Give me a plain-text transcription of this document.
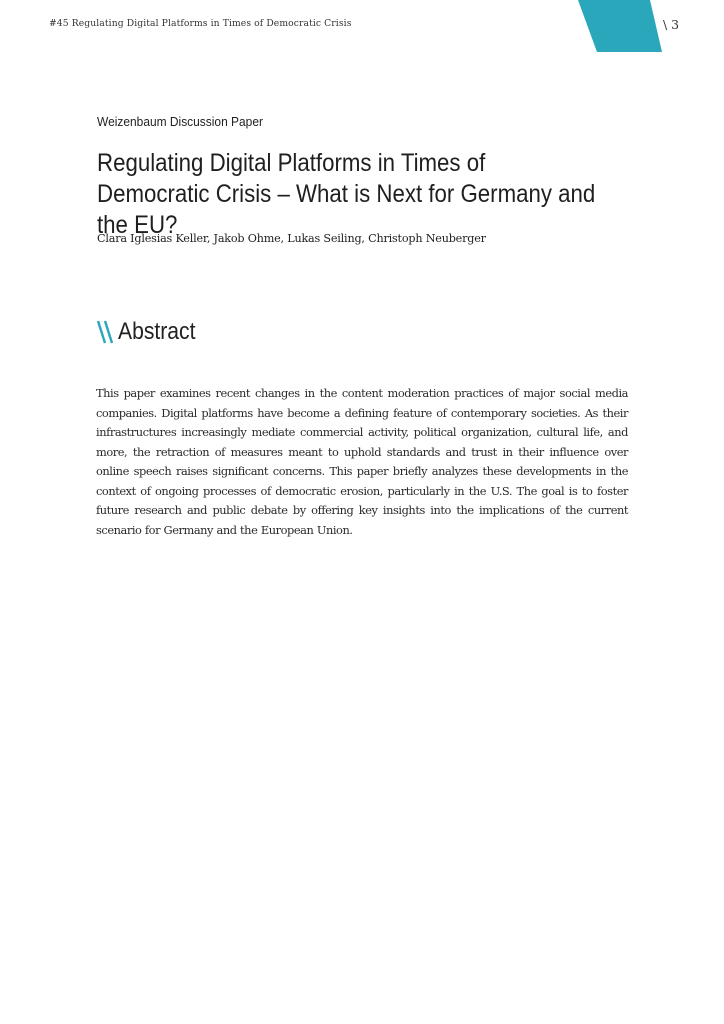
#45 Regulating Digital Platforms in Times of Democratic Crisis	\ 3
Weizenbaum Discussion Paper
Regulating Digital Platforms in Times of Democratic Crisis – What is Next for Germany and the EU?
Clara Iglesias Keller, Jakob Ohme, Lukas Seiling, Christoph Neuberger
Abstract

This paper examines recent changes in the content moderation practices of major social media companies. Digital platforms have become a defining feature of contemporary societies. As their infrastructures increasingly mediate commercial activity, political organization, cultural life, and more, the retraction of measures meant to uphold standards and trust in their influence over online speech raises significant concerns. This paper briefly analyzes these developments in the context of ongoing processes of democratic erosion, particularly in the U.S. The goal is to foster future research and public debate by offering key insights into the implications of the current scenario for Germany and the European Union.
